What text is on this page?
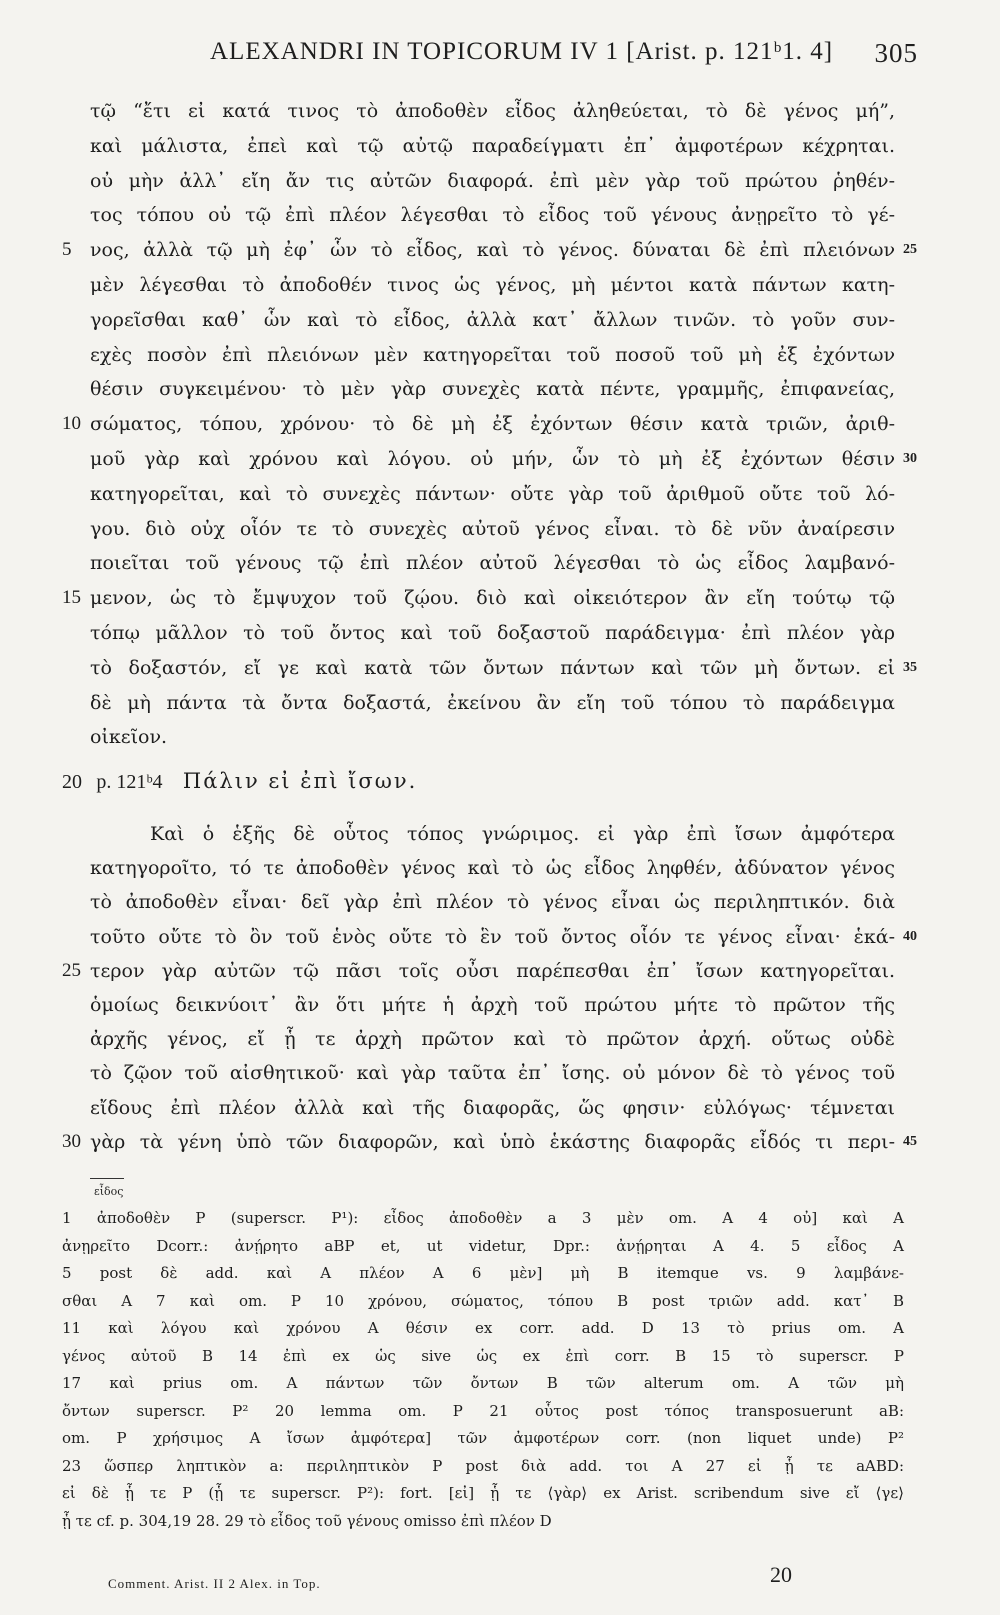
ALEXANDRI IN TOPICORUM IV 1 [Arist. p. 121ᵇ1. 4] 305
τῷ “ἔτι εἰ κατά τινος τὸ ἀποδοθὲν εἶδος ἀληθεύεται, τὸ δὲ γένος μή”,
καὶ μάλιστα, ἐπεὶ καὶ τῷ αὐτῷ παραδείγματι ἐπ᾿ ἀμφοτέρων κέχρηται.
οὐ μὴν ἀλλ᾿ εἴη ἄν τις αὐτῶν διαφορά. ἐπὶ μὲν γὰρ τοῦ πρώτου ῥηθέν-
τος τόπου οὐ τῷ ἐπὶ πλέον λέγεσθαι τὸ εἶδος τοῦ γένους ἀνῃρεῖτο τὸ γέ-
νος, ἀλλὰ τῷ μὴ ἐφ᾿ ὧν τὸ εἶδος, καὶ τὸ γένος. δύναται δὲ ἐπὶ πλειόνων
5	25
μὲν λέγεσθαι τὸ ἀποδοθέν τινος ὡς γένος, μὴ μέντοι κατὰ πάντων κατη-
γορεῖσθαι καθ᾿ ὧν καὶ τὸ εἶδος, ἀλλὰ κατ᾿ ἄλλων τινῶν. τὸ γοῦν συν-
εχὲς ποσὸν ἐπὶ πλειόνων μὲν κατηγορεῖται τοῦ ποσοῦ τοῦ μὴ ἐξ ἐχόντων
θέσιν συγκειμένου· τὸ μὲν γὰρ συνεχὲς κατὰ πέντε, γραμμῆς, ἐπιφανείας,
σώματος, τόπου, χρόνου· τὸ δὲ μὴ ἐξ ἐχόντων θέσιν κατὰ τριῶν, ἀριθ-
10
μοῦ γὰρ καὶ χρόνου καὶ λόγου. οὐ μήν, ὧν τὸ μὴ ἐξ ἐχόντων θέσιν 30
κατηγορεῖται, καὶ τὸ συνεχὲς πάντων· οὔτε γὰρ τοῦ ἀριθμοῦ οὔτε τοῦ λό-
γου. διὸ οὐχ οἷόν τε τὸ συνεχὲς αὐτοῦ γένος εἶναι. τὸ δὲ νῦν ἀναίρεσιν
ποιεῖται τοῦ γένους τῷ ἐπὶ πλέον αὐτοῦ λέγεσθαι τὸ ὡς εἶδος λαμβανό-
μενον, ὡς τὸ ἔμψυχον τοῦ ζῴου. διὸ καὶ οἰκειότερον ἂν εἴη τούτῳ τῷ
15
τόπῳ μᾶλλον τὸ τοῦ ὄντος καὶ τοῦ δοξαστοῦ παράδειγμα· ἐπὶ πλέον γὰρ
τὸ δοξαστόν, εἴ γε καὶ κατὰ τῶν ὄντων πάντων καὶ τῶν μὴ ὄντων. εἰ 35
δὲ μὴ πάντα τὰ ὄντα δοξαστά, ἐκείνου ἂν εἴη τοῦ τόπου τὸ παράδειγμα
οἰκεῖον.
20 p. 121ᵇ4 Πάλιν εἰ ἐπὶ ἴσων.
Καὶ ὁ ἑξῆς δὲ οὗτος τόπος γνώριμος. εἰ γὰρ ἐπὶ ἴσων ἀμφότερα
κατηγοροῖτο, τό τε ἀποδοθὲν γένος καὶ τὸ ὡς εἶδος ληφθέν, ἀδύνατον γένος
τὸ ἀποδοθὲν εἶναι· δεῖ γὰρ ἐπὶ πλέον τὸ γένος εἶναι ὡς περιληπτικόν. διὰ
τοῦτο οὔτε τὸ ὂν τοῦ ἑνὸς οὔτε τὸ ἓν τοῦ ὄντος οἷόν τε γένος εἶναι· ἑκά- 40
τερον γὰρ αὐτῶν τῷ πᾶσι τοῖς οὖσι παρέπεσθαι ἐπ᾿ ἴσων κατηγορεῖται.
25
ὁμοίως δεικνύοιτ᾿ ἂν ὅτι μήτε ἡ ἀρχὴ τοῦ πρώτου μήτε τὸ πρῶτον τῆς
ἀρχῆς γένος, εἴ ᾗ τε ἀρχὴ πρῶτον καὶ τὸ πρῶτον ἀρχή. οὕτως οὐδὲ
τὸ ζῷον τοῦ αἰσθητικοῦ· καὶ γὰρ ταῦτα ἐπ᾿ ἴσης. οὐ μόνον δὲ τὸ γένος τοῦ
εἴδους ἐπὶ πλέον ἀλλὰ καὶ τῆς διαφορᾶς, ὥς φησιν· εὐλόγως· τέμνεται
γὰρ τὰ γένη ὑπὸ τῶν διαφορῶν, καὶ ὑπὸ ἑκάστης διαφορᾶς εἶδός τι περι-
30	45
εἶδος
1 ἀποδοθὲν P (superscr. P¹): εἶδος ἀποδοθὲν a 3 μὲν om. A 4 οὐ] καὶ A
ἀνῃρεῖτο Dcorr.: ἀνῄρητο aBP et, ut videtur, Dpr.: ἀνῄρηται A 4. 5 εἶδος A
5 post δὲ add. καὶ A πλέον A 6 μὲν] μὴ B itemque vs. 9 λαμβάνε-
σθαι A 7 καὶ om. P 10 χρόνου, σώματος, τόπου B post τριῶν add. κατ᾿ B
11 καὶ λόγου καὶ χρόνου A θέσιν ex corr. add. D 13 τὸ prius om. A
γένος αὐτοῦ B 14 ἐπὶ ex ὡς sive ὡς ex ἐπὶ corr. B 15 τὸ superscr. P
17 καὶ prius om. A πάντων τῶν ὄντων B τῶν alterum om. A τῶν μὴ
ὄντων superscr. P² 20 lemma om. P 21 οὗτος post τόπος transposuerunt aB:
om. P χρήσιμος A ἴσων ἀμφότερα] τῶν ἀμφοτέρων corr. (non liquet unde) P²
23 ὥσπερ ληπτικὸν a: περιληπτικὸν P post διὰ add. τοι A 27 εἰ ᾗ τε aABD:
εἰ δὲ ᾗ τε P (ᾗ τε superscr. P²): fort. [εἰ] ᾗ τε ⟨γὰρ⟩ ex Arist. scribendum sive εἴ ⟨γε⟩
ᾗ τε cf. p. 304,19 28. 29 τὸ εἶδος τοῦ γένους omisso ἐπὶ πλέον D
Comment. Arist. II 2 Alex. in Top.	20
